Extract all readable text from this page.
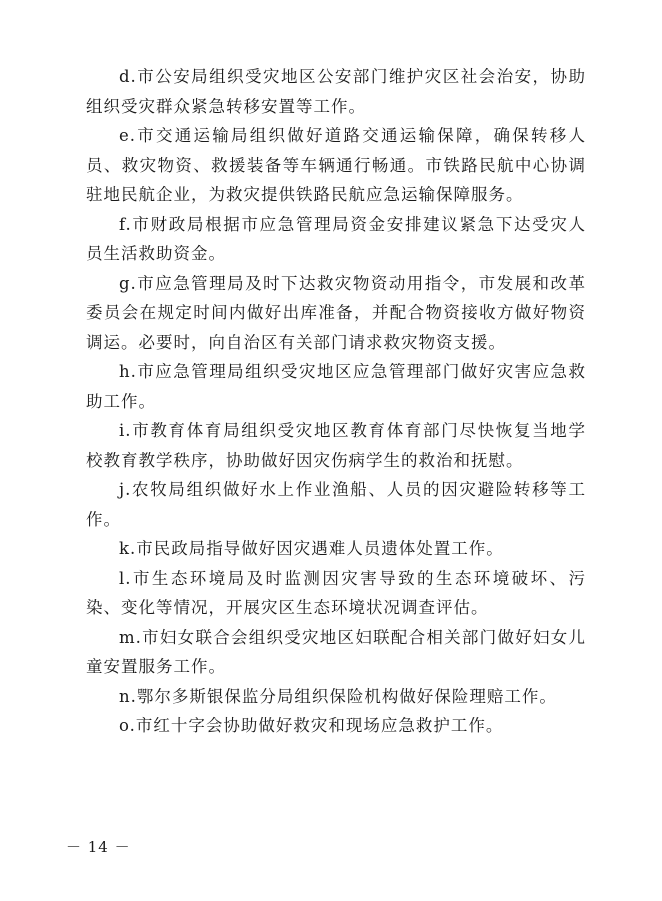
d.市公安局组织受灾地区公安部门维护灾区社会治安，协助组织受灾群众紧急转移安置等工作。

e.市交通运输局组织做好道路交通运输保障，确保转移人员、救灾物资、救援装备等车辆通行畅通。市铁路民航中心协调驻地民航企业，为救灾提供铁路民航应急运输保障服务。

f.市财政局根据市应急管理局资金安排建议紧急下达受灾人员生活救助资金。

g.市应急管理局及时下达救灾物资动用指令，市发展和改革委员会在规定时间内做好出库准备，并配合物资接收方做好物资调运。必要时，向自治区有关部门请求救灾物资支援。

h.市应急管理局组织受灾地区应急管理部门做好灾害应急救助工作。

i.市教育体育局组织受灾地区教育体育部门尽快恢复当地学校教育教学秩序，协助做好因灾伤病学生的救治和抚慰。

j.农牧局组织做好水上作业渔船、人员的因灾避险转移等工作。

k.市民政局指导做好因灾遇难人员遗体处置工作。

l.市生态环境局及时监测因灾害导致的生态环境破坏、污染、变化等情况，开展灾区生态环境状况调查评估。

m.市妇女联合会组织受灾地区妇联配合相关部门做好妇女儿童安置服务工作。

n.鄂尔多斯银保监分局组织保险机构做好保险理赔工作。

o.市红十字会协助做好救灾和现场应急救护工作。

－ 14 －
